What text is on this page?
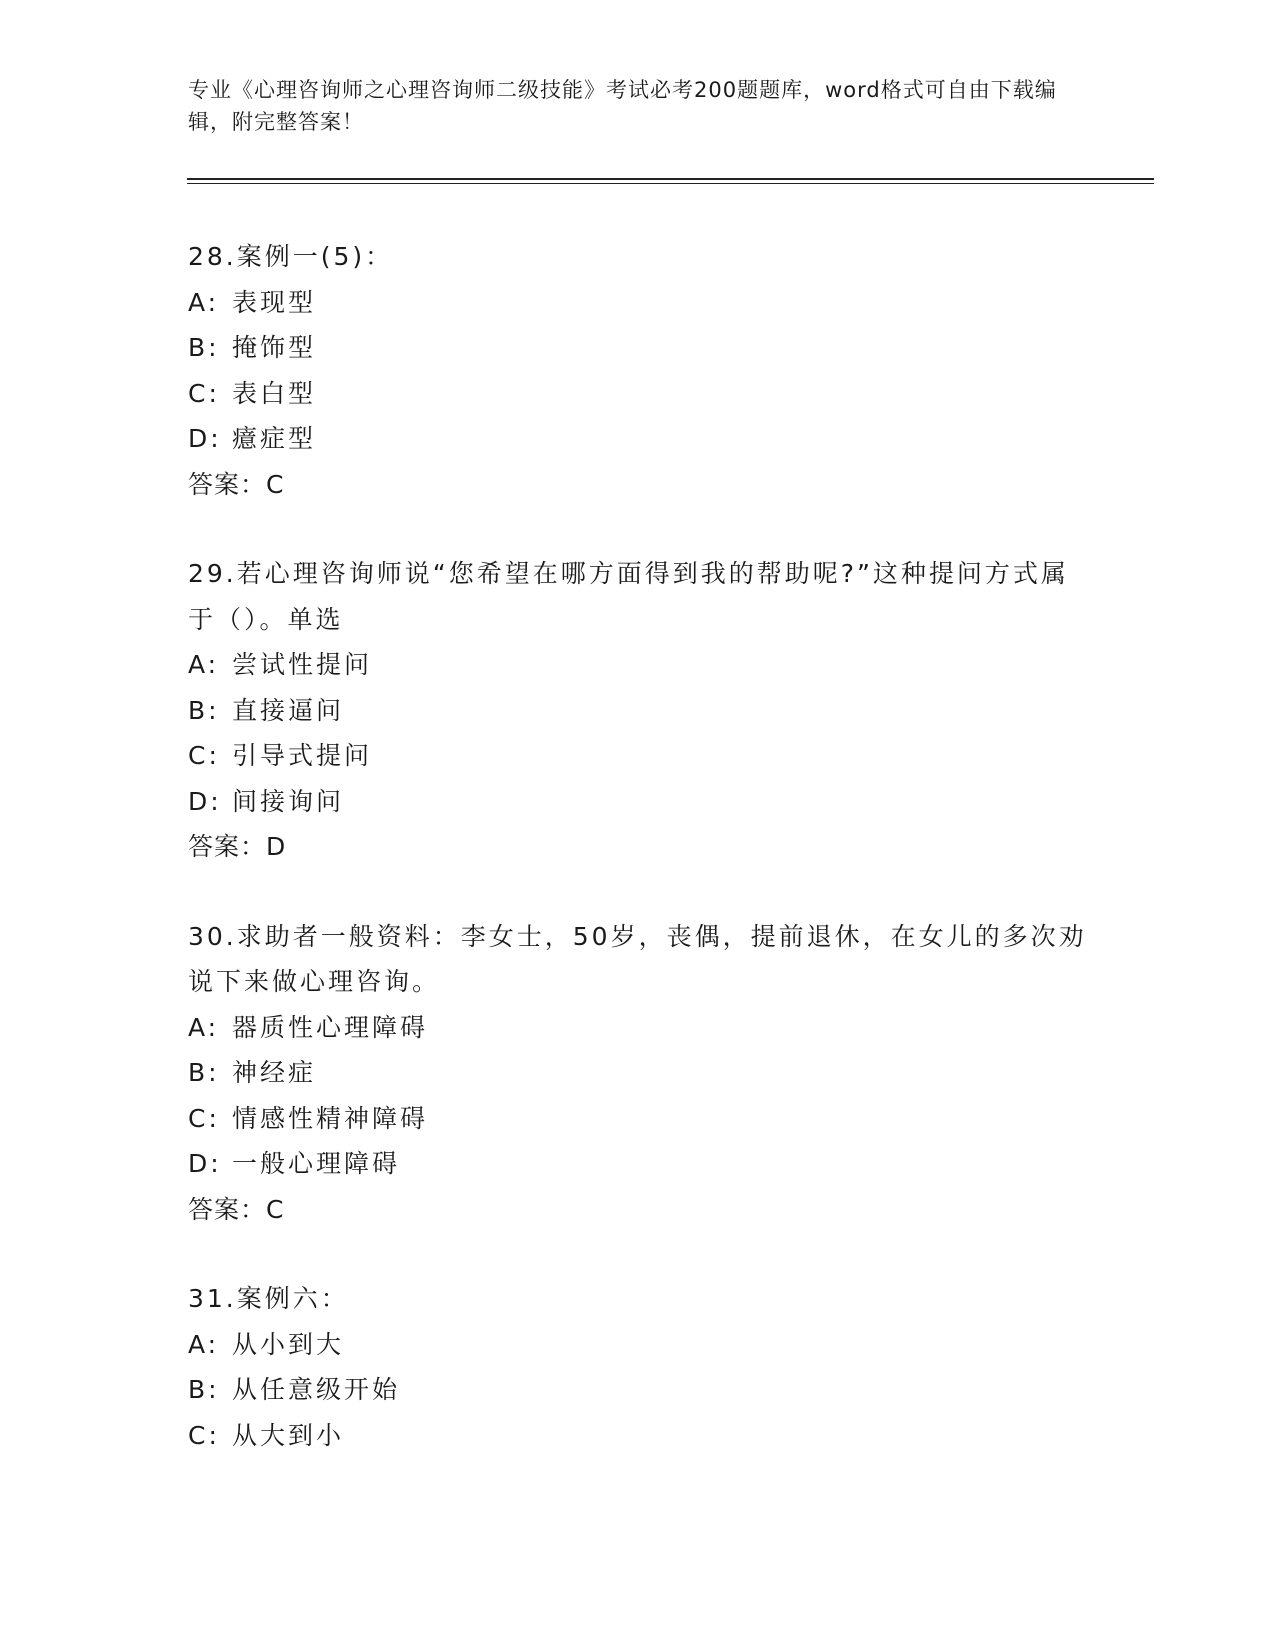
专业《心理咨询师之心理咨询师二级技能》考试必考200题题库，word格式可自由下载编辑，附完整答案！
28.案例一(5)：
A: 表现型
B: 掩饰型
C: 表白型
D: 癔症型
答案：C
29.若心理咨询师说“您希望在哪方面得到我的帮助呢?”这种提问方式属于（）。单选
A: 尝试性提问
B: 直接逼问
C: 引导式提问
D: 间接询问
答案：D
30.求助者一般资料：李女士，50岁，丧偶，提前退休，在女儿的多次劝说下来做心理咨询。
A: 器质性心理障碍
B: 神经症
C: 情感性精神障碍
D: 一般心理障碍
答案：C
31.案例六：
A: 从小到大
B: 从任意级开始
C: 从大到小
